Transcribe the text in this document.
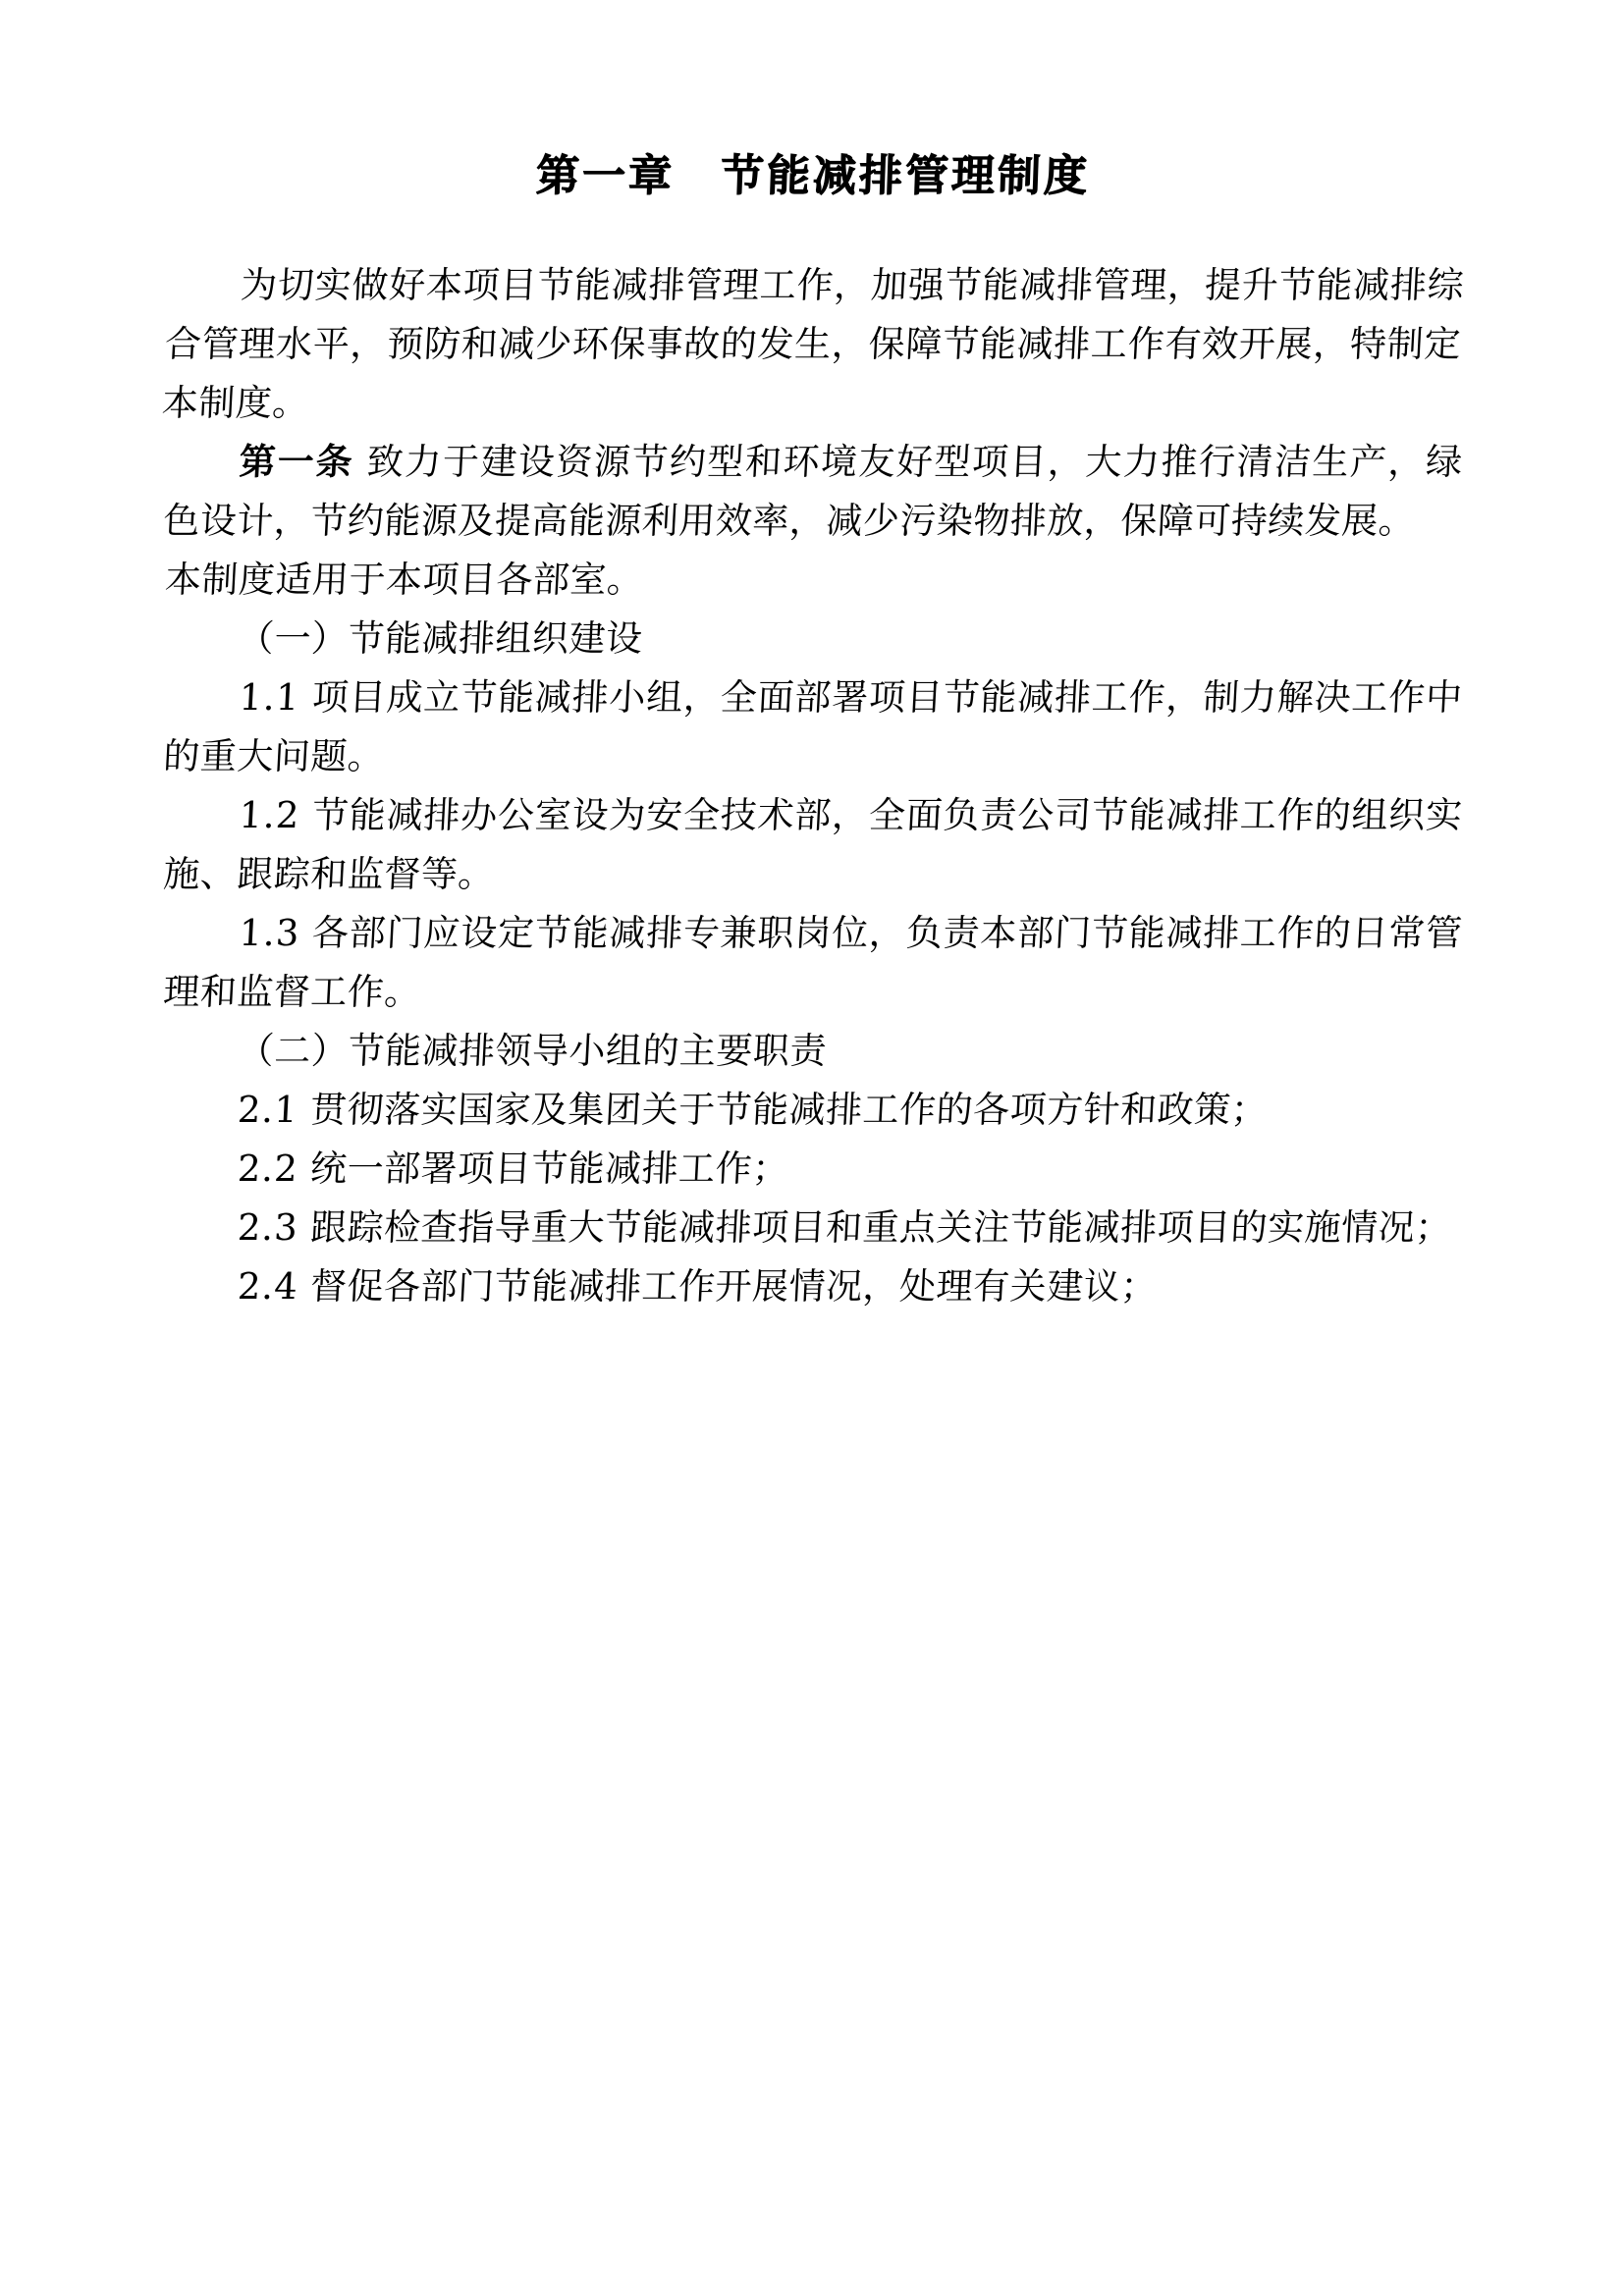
第一章　节能减排管理制度

为切实做好本项目节能减排管理工作，加强节能减排管理，提升节能减排综合管理水平，预防和减少环保事故的发生，保障节能减排工作有效开展，特制定本制度。

第一条 致力于建设资源节约型和环境友好型项目，大力推行清洁生产，绿色设计，节约能源及提高能源利用效率，减少污染物排放，保障可持续发展。

本制度适用于本项目各部室。

（一）节能减排组织建设

1.1 项目成立节能减排小组，全面部署项目节能减排工作，制力解决工作中的重大问题。

1.2 节能减排办公室设为安全技术部，全面负责公司节能减排工作的组织实施、跟踪和监督等。

1.3 各部门应设定节能减排专兼职岗位，负责本部门节能减排工作的日常管理和监督工作。

（二）节能减排领导小组的主要职责

2.1 贯彻落实国家及集团关于节能减排工作的各项方针和政策；

2.2 统一部署项目节能减排工作；

2.3 跟踪检查指导重大节能减排项目和重点关注节能减排项目的实施情况；

2.4 督促各部门节能减排工作开展情况，处理有关建议；
